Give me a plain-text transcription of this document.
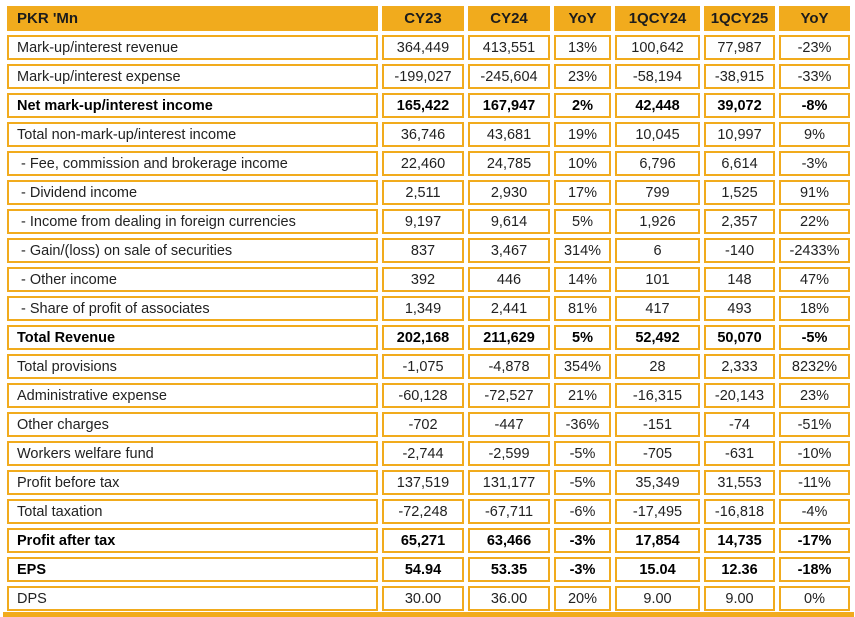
PKR 'Mn	CY23	CY24	YoY	1QCY24	1QCY25	YoY
Mark-up/interest revenue	364,449	413,551	13%	100,642	77,987	-23%
Mark-up/interest expense	-199,027	-245,604	23%	-58,194	-38,915	-33%
Net mark-up/interest income	165,422	167,947	2%	42,448	39,072	-8%
Total non-mark-up/interest income	36,746	43,681	19%	10,045	10,997	9%
- Fee, commission and brokerage income	22,460	24,785	10%	6,796	6,614	-3%
- Dividend income	2,511	2,930	17%	799	1,525	91%
- Income from dealing in foreign currencies	9,197	9,614	5%	1,926	2,357	22%
- Gain/(loss) on sale of securities	837	3,467	314%	6	-140	-2433%
- Other income	392	446	14%	101	148	47%
- Share of profit of associates	1,349	2,441	81%	417	493	18%
Total Revenue	202,168	211,629	5%	52,492	50,070	-5%
Total provisions	-1,075	-4,878	354%	28	2,333	8232%
Administrative expense	-60,128	-72,527	21%	-16,315	-20,143	23%
Other charges	-702	-447	-36%	-151	-74	-51%
Workers welfare fund	-2,744	-2,599	-5%	-705	-631	-10%
Profit before tax	137,519	131,177	-5%	35,349	31,553	-11%
Total taxation	-72,248	-67,711	-6%	-17,495	-16,818	-4%
Profit after tax	65,271	63,466	-3%	17,854	14,735	-17%
EPS	54.94	53.35	-3%	15.04	12.36	-18%
DPS	30.00	36.00	20%	9.00	9.00	0%
